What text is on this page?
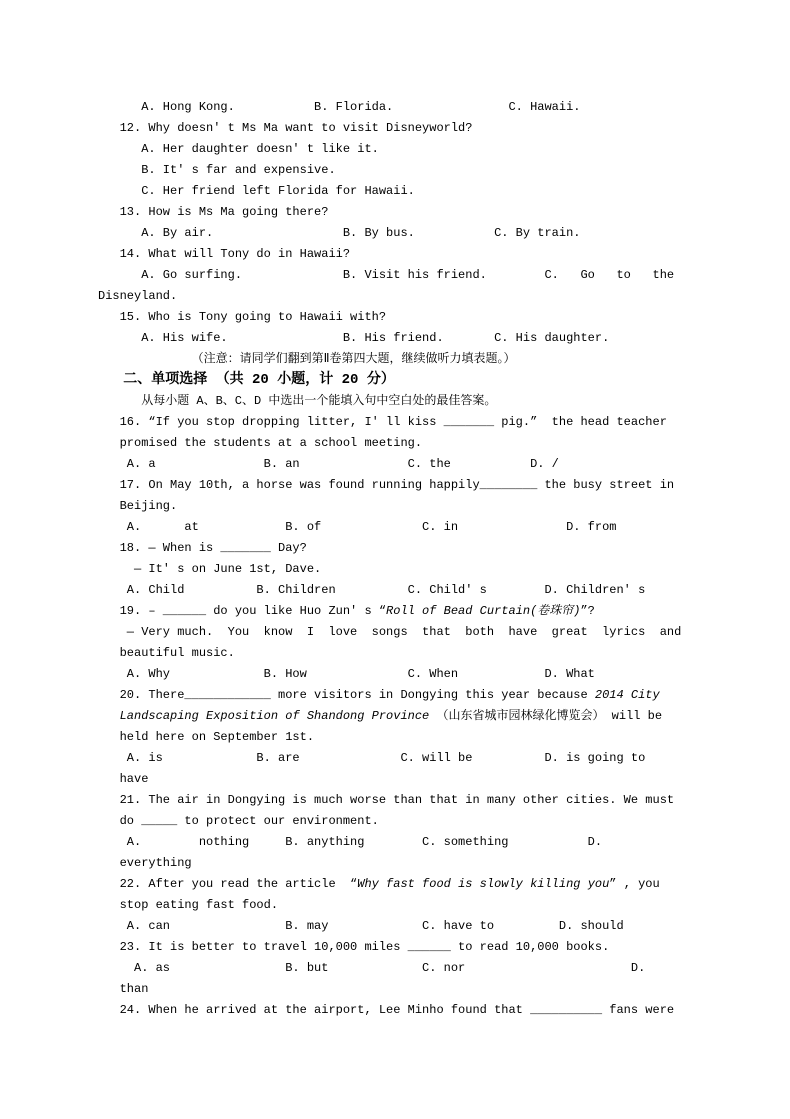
A. Hong Kong.           B. Florida.                C. Hawaii.
12. Why doesn' t Ms Ma want to visit Disneyworld?
A. Her daughter doesn' t like it.
B. It' s far and expensive.
C. Her friend left Florida for Hawaii.
13. How is Ms Ma going there?
A. By air.                  B. By bus.           C. By train.
14. What will Tony do in Hawaii?
A. Go surfing.              B. Visit his friend.        C.   Go   to   the
Disneyland.
15. Who is Tony going to Hawaii with?
A. His wife.                B. His friend.       C. His daughter.
（注意：请同学们翻到第Ⅱ卷第四大题，继续做听力填表题。）
二、单项选择 （共 20 小题，计 20 分）
从每小题 A、B、C、D 中选出一个能填入句中空白处的最佳答案。
16. “If you stop dropping litter, I' ll kiss _______ pig.”  the head teacher
promised the students at a school meeting.
A. a               B. an               C. the           D. /
17. On May 10th, a horse was found running happily________ the busy street in
Beijing.
A.      at            B. of              C. in               D. from
18. — When is _______ Day?
— It' s on June 1st, Dave.
A. Child          B. Children          C. Child' s        D. Children' s
19. – ______ do you like Huo Zun' s “Roll of Bead Curtain(卷珠帘)”?
— Very much.  You  know  I  love  songs  that  both  have  great  lyrics  and
beautiful music.
A. Why             B. How              C. When            D. What
20. There____________ more visitors in Dongying this year because 2014 City
Landscaping Exposition of Shandong Province （山东省城市园林绿化博览会） will be
held here on September 1st.
A. is             B. are              C. will be          D. is going to
have
21. The air in Dongying is much worse than that in many other cities. We must
do _____ to protect our environment.
A.        nothing     B. anything        C. something           D.
everything
22. After you read the article  “Why fast food is slowly killing you” , you
stop eating fast food.
A. can                B. may             C. have to         D. should
23. It is better to travel 10,000 miles ______ to read 10,000 books.
A. as                B. but             C. nor                       D.
than
24. When he arrived at the airport, Lee Minho found that __________ fans were
